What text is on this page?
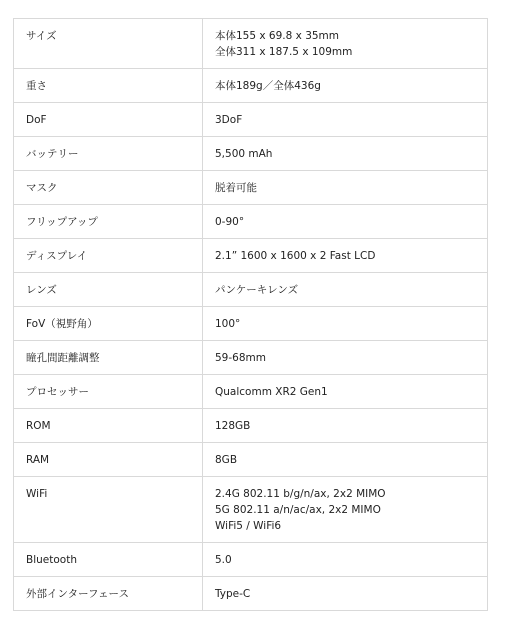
サイズ	本体155 x 69.8 x 35mm
全体311 x 187.5 x 109mm

重さ	本体189g／全体436g

DoF	3DoF

バッテリー	5,500 mAh

マスク	脱着可能

フリップアップ	0-90°

ディスプレイ	2.1” 1600 x 1600 x 2 Fast LCD

レンズ	パンケーキレンズ

FoV（視野角）	100°

瞳孔間距離調整	59-68mm

プロセッサー	Qualcomm XR2 Gen1

ROM	128GB

RAM	8GB

WiFi	2.4G 802.11 b/g/n/ax, 2x2 MIMO
5G 802.11 a/n/ac/ax, 2x2 MIMO
WiFi5 / WiFi6

Bluetooth	5.0

外部インターフェース	Type-C
